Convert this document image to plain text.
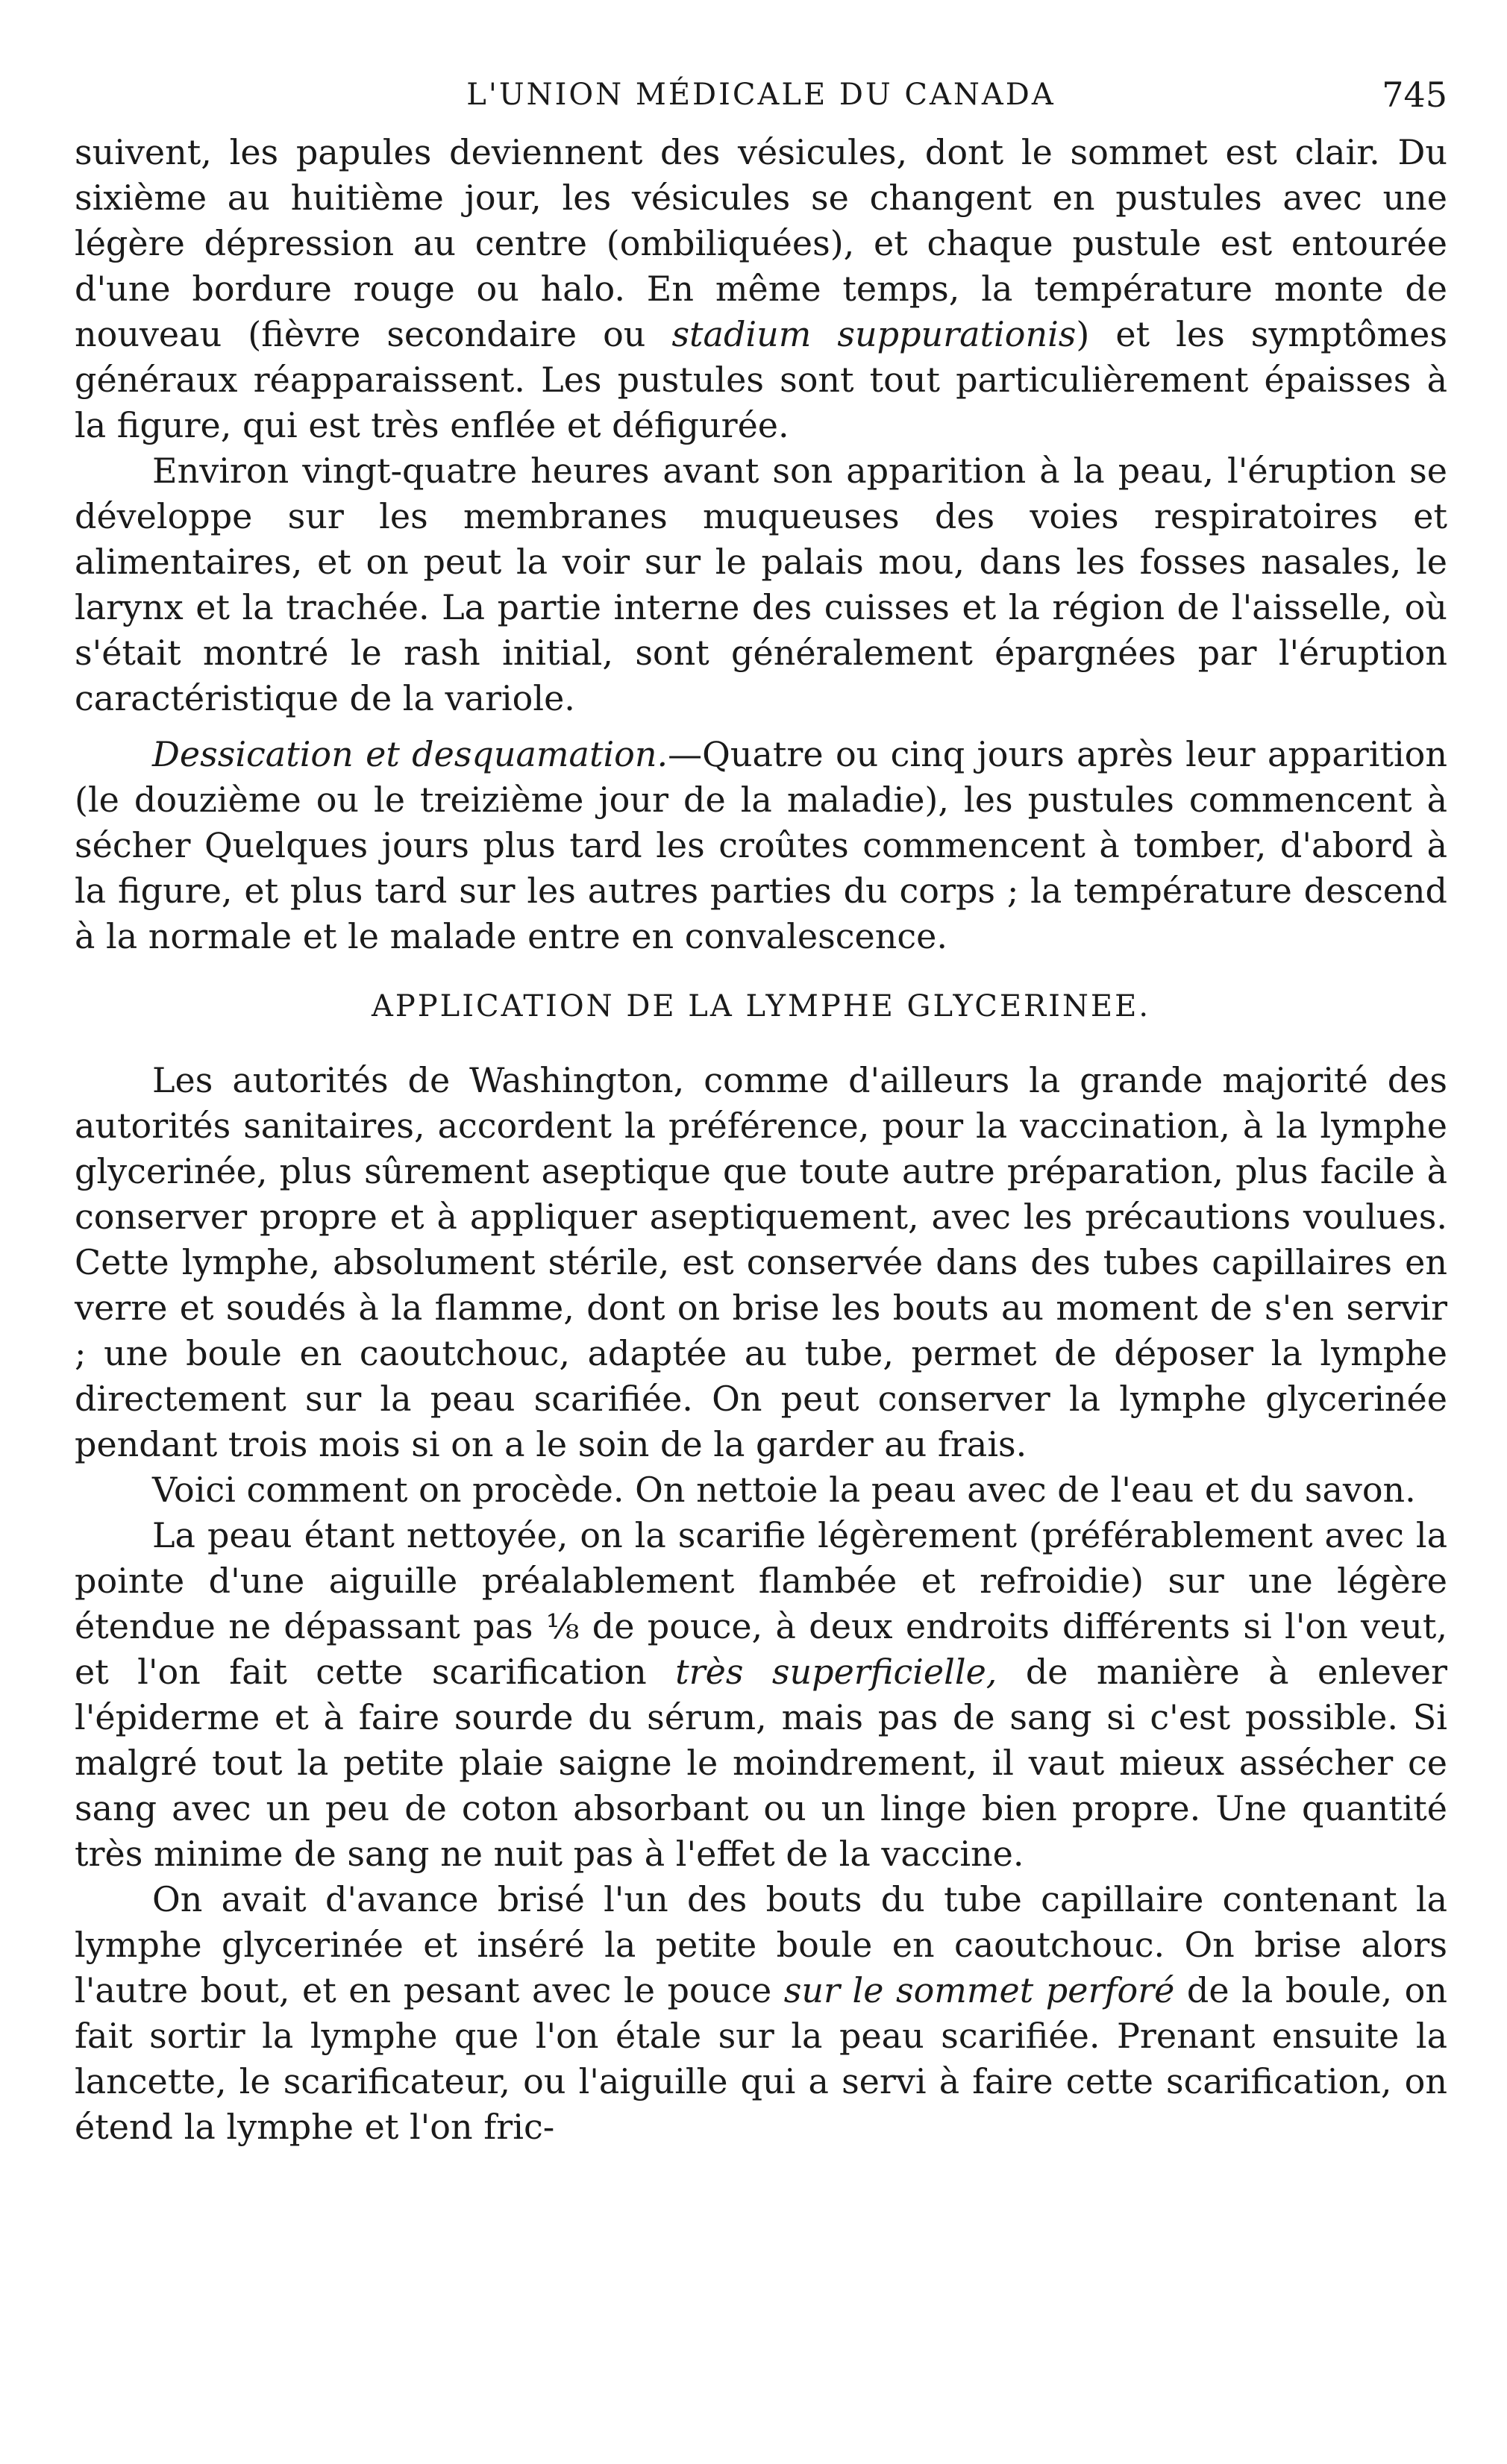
L'UNION MÉDICALE DU CANADA	745

suivent, les papules deviennent des vésicules, dont le sommet est clair. Du sixième au huitième jour, les vésicules se changent en pustules avec une légère dépression au centre (ombiliquées), et chaque pustule est entourée d'une bordure rouge ou halo. En même temps, la température monte de nouveau (fièvre secondaire ou stadium suppurationis) et les symptômes généraux réapparaissent. Les pustules sont tout particulièrement épaisses à la figure, qui est très enflée et défigurée.

Environ vingt-quatre heures avant son apparition à la peau, l'éruption se développe sur les membranes muqueuses des voies respiratoires et alimentaires, et on peut la voir sur le palais mou, dans les fosses nasales, le larynx et la trachée. La partie interne des cuisses et la région de l'aisselle, où s'était montré le rash initial, sont généralement épargnées par l'éruption caractéristique de la variole.

Dessication et desquamation.—Quatre ou cinq jours après leur apparition (le douzième ou le treizième jour de la maladie), les pustules commencent à sécher Quelques jours plus tard les croûtes commencent à tomber, d'abord à la figure, et plus tard sur les autres parties du corps ; la température descend à la normale et le malade entre en convalescence.

APPLICATION DE LA LYMPHE GLYCERINEE.

Les autorités de Washington, comme d'ailleurs la grande majorité des autorités sanitaires, accordent la préférence, pour la vaccination, à la lymphe glycerinée, plus sûrement aseptique que toute autre préparation, plus facile à conserver propre et à appliquer aseptiquement, avec les précautions voulues. Cette lymphe, absolument stérile, est conservée dans des tubes capillaires en verre et soudés à la flamme, dont on brise les bouts au moment de s'en servir ; une boule en caoutchouc, adaptée au tube, permet de déposer la lymphe directement sur la peau scarifiée. On peut conserver la lymphe glycerinée pendant trois mois si on a le soin de la garder au frais.

Voici comment on procède. On nettoie la peau avec de l'eau et du savon.

La peau étant nettoyée, on la scarifie légèrement (préférablement avec la pointe d'une aiguille préalablement flambée et refroidie) sur une légère étendue ne dépassant pas ⅛ de pouce, à deux endroits différents si l'on veut, et l'on fait cette scarification très superficielle, de manière à enlever l'épiderme et à faire sourde du sérum, mais pas de sang si c'est possible. Si malgré tout la petite plaie saigne le moindrement, il vaut mieux assécher ce sang avec un peu de coton absorbant ou un linge bien propre. Une quantité très minime de sang ne nuit pas à l'effet de la vaccine.

On avait d'avance brisé l'un des bouts du tube capillaire contenant la lymphe glycerinée et inséré la petite boule en caoutchouc. On brise alors l'autre bout, et en pesant avec le pouce sur le sommet perforé de la boule, on fait sortir la lymphe que l'on étale sur la peau scarifiée. Prenant ensuite la lancette, le scarificateur, ou l'aiguille qui a servi à faire cette scarification, on étend la lymphe et l'on fric-
